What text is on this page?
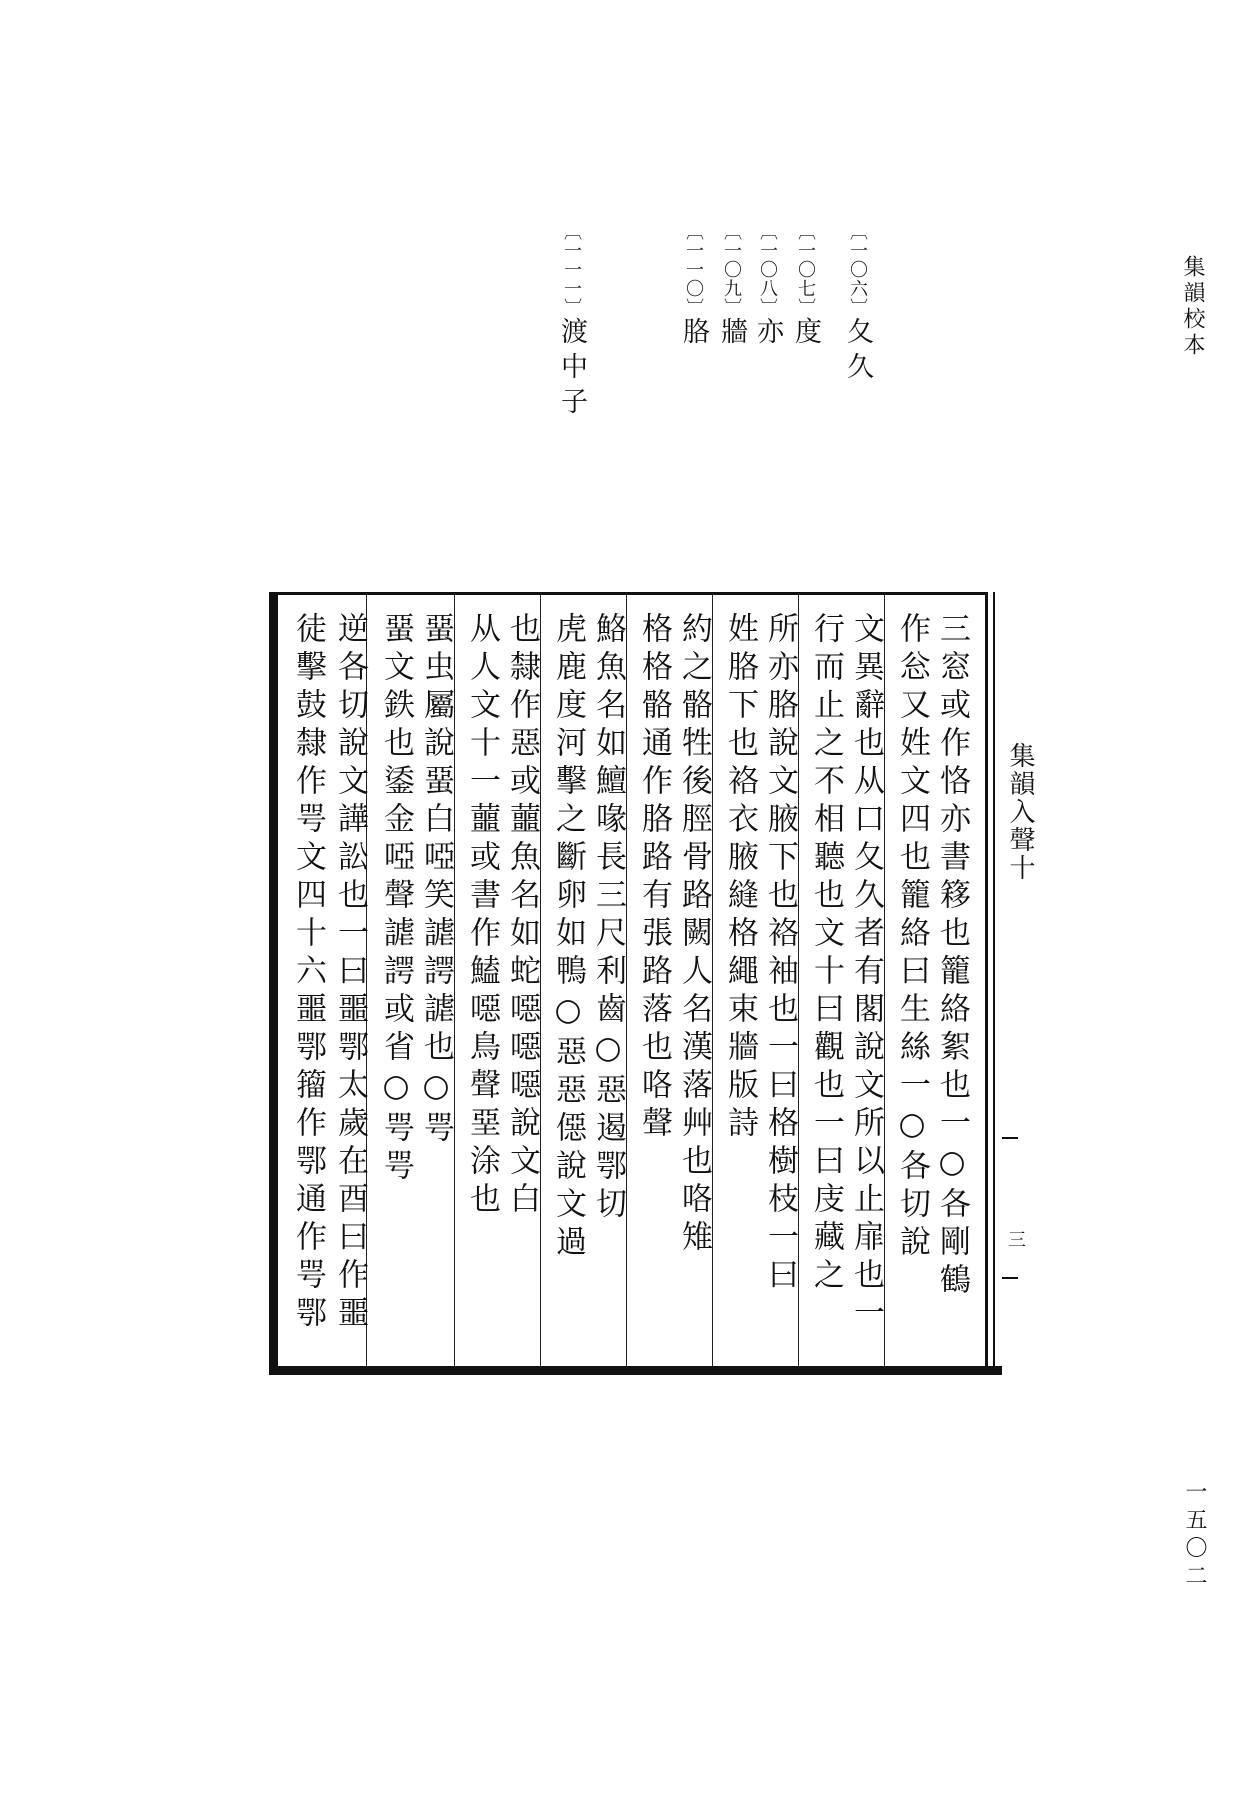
集韻校本
一五〇二
〔一〇六〕夂久
〔一〇七〕度
〔一〇八〕亦
〔一〇九〕牆
〔一一〇〕胳
〔一一一〕渡中子
三窓或作恪亦書簃也籠絡絮也一○各剛鶴
作忩又姓文四也籠絡曰生絲一○各切說
文異辭也从口夂久者有閣說文所以止扉也一
行而止之不相聽也文十曰觀也一曰庋藏之
所亦胳說文腋下也袼袖也一曰格樹枝一曰
姓胳下也袼衣腋縫格繩束牆版詩
約之骼牲後脛骨路闕人名漢落艸也咯雉
格格骼通作胳路有張路落也咯聲
鮥魚名如鱣喙長三尺利齒○惡遏鄂切
虎鹿度河擊之斷卵如鴨○惡惡僫說文過
也隸作惡或蘁魚名如蛇噁噁噁說文白
从人文十一蘁或書作鰪噁鳥聲堊涂也
蝁虫屬說蝁白啞笑謔諤謔也○咢
蝁文鉄也鋈金啞聲謔諤或省○咢咢
逆各切說文譁訟也一曰噩鄂太歲在酉曰作噩
徒擊鼓隸作咢文四十六噩鄂籀作鄂通作咢鄂	集韻入聲十
三
